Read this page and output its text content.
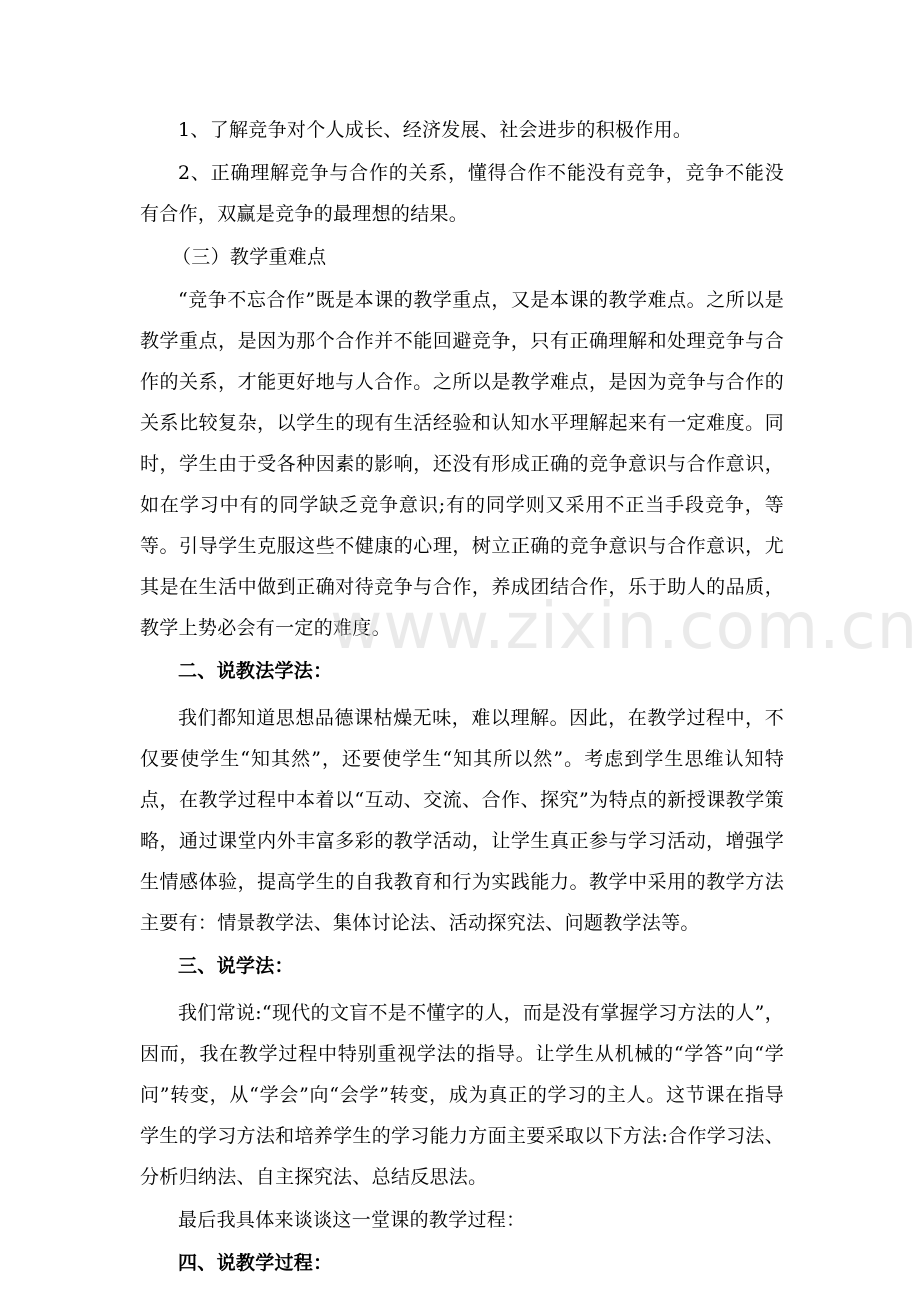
1、了解竞争对个人成长、经济发展、社会进步的积极作用。

2、正确理解竞争与合作的关系，懂得合作不能没有竞争，竞争不能没有合作，双赢是竞争的最理想的结果。

（三）教学重难点

“竞争不忘合作”既是本课的教学重点，又是本课的教学难点。之所以是教学重点，是因为那个合作并不能回避竞争，只有正确理解和处理竞争与合作的关系，才能更好地与人合作。之所以是教学难点，是因为竞争与合作的关系比较复杂，以学生的现有生活经验和认知水平理解起来有一定难度。同时，学生由于受各种因素的影响，还没有形成正确的竞争意识与合作意识，如在学习中有的同学缺乏竞争意识;有的同学则又采用不正当手段竞争，等等。引导学生克服这些不健康的心理，树立正确的竞争意识与合作意识，尤其是在生活中做到正确对待竞争与合作，养成团结合作，乐于助人的品质，教学上势必会有一定的难度。

二、说教法学法：

我们都知道思想品德课枯燥无味，难以理解。因此，在教学过程中，不仅要使学生“知其然”，还要使学生“知其所以然”。考虑到学生思维认知特点，在教学过程中本着以“互动、交流、合作、探究”为特点的新授课教学策略，通过课堂内外丰富多彩的教学活动，让学生真正参与学习活动，增强学生情感体验，提高学生的自我教育和行为实践能力。教学中采用的教学方法主要有：情景教学法、集体讨论法、活动探究法、问题教学法等。

三、说学法：

我们常说:“现代的文盲不是不懂字的人，而是没有掌握学习方法的人”，因而，我在教学过程中特别重视学法的指导。让学生从机械的“学答”向“学问”转变，从“学会”向“会学”转变，成为真正的学习的主人。这节课在指导学生的学习方法和培养学生的学习能力方面主要采取以下方法:合作学习法、分析归纳法、自主探究法、总结反思法。

最后我具体来谈谈这一堂课的教学过程：

四、说教学过程：

www.zixin.com.cn
